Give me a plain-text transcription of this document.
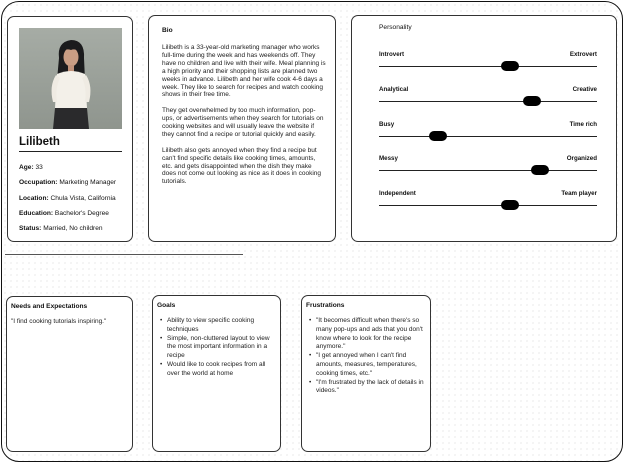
Lilibeth
Age: 33
Occupation: Marketing Manager
Location: Chula Vista, California
Education: Bachelor's Degree
Status: Married, No children
Bio

Lilibeth is a 33-year-old marketing manager who works full-time during the week and has weekends off. They have no children and live with their wife. Meal planning is a high priority and their shopping lists are planned two weeks in advance. Lilibeth and her wife cook 4-6 days a week. They like to search for recipes and watch cooking shows in their free time.

They get overwhelmed by too much information, pop-ups, or advertisements when they search for tutorials on cooking websites and will usually leave the website if they cannot find a recipe or tutorial quickly and easily.

Lilibeth also gets annoyed when they find a recipe but can't find specific details like cooking times, amounts, etc. and gets disappointed when the dish they make does not come out looking as nice as it does in cooking tutorials.

Personality
Introvert	Extrovert
Analytical	Creative
Busy	Time rich
Messy	Organized
Independent	Team player
Needs and Expectations
"I find cooking tutorials inspiring."
Goals
• Ability to view specific cooking techniques
• Simple, non-cluttered layout to view the most important information in a recipe
• Would like to cook recipes from all over the world at home
Frustrations
• "It becomes difficult when there's so many pop-ups and ads that you don't know where to look for the recipe anymore."
• "I get annoyed when I can't find amounts, measures, temperatures, cooking times, etc."
• "I'm frustrated by the lack of details in videos."
